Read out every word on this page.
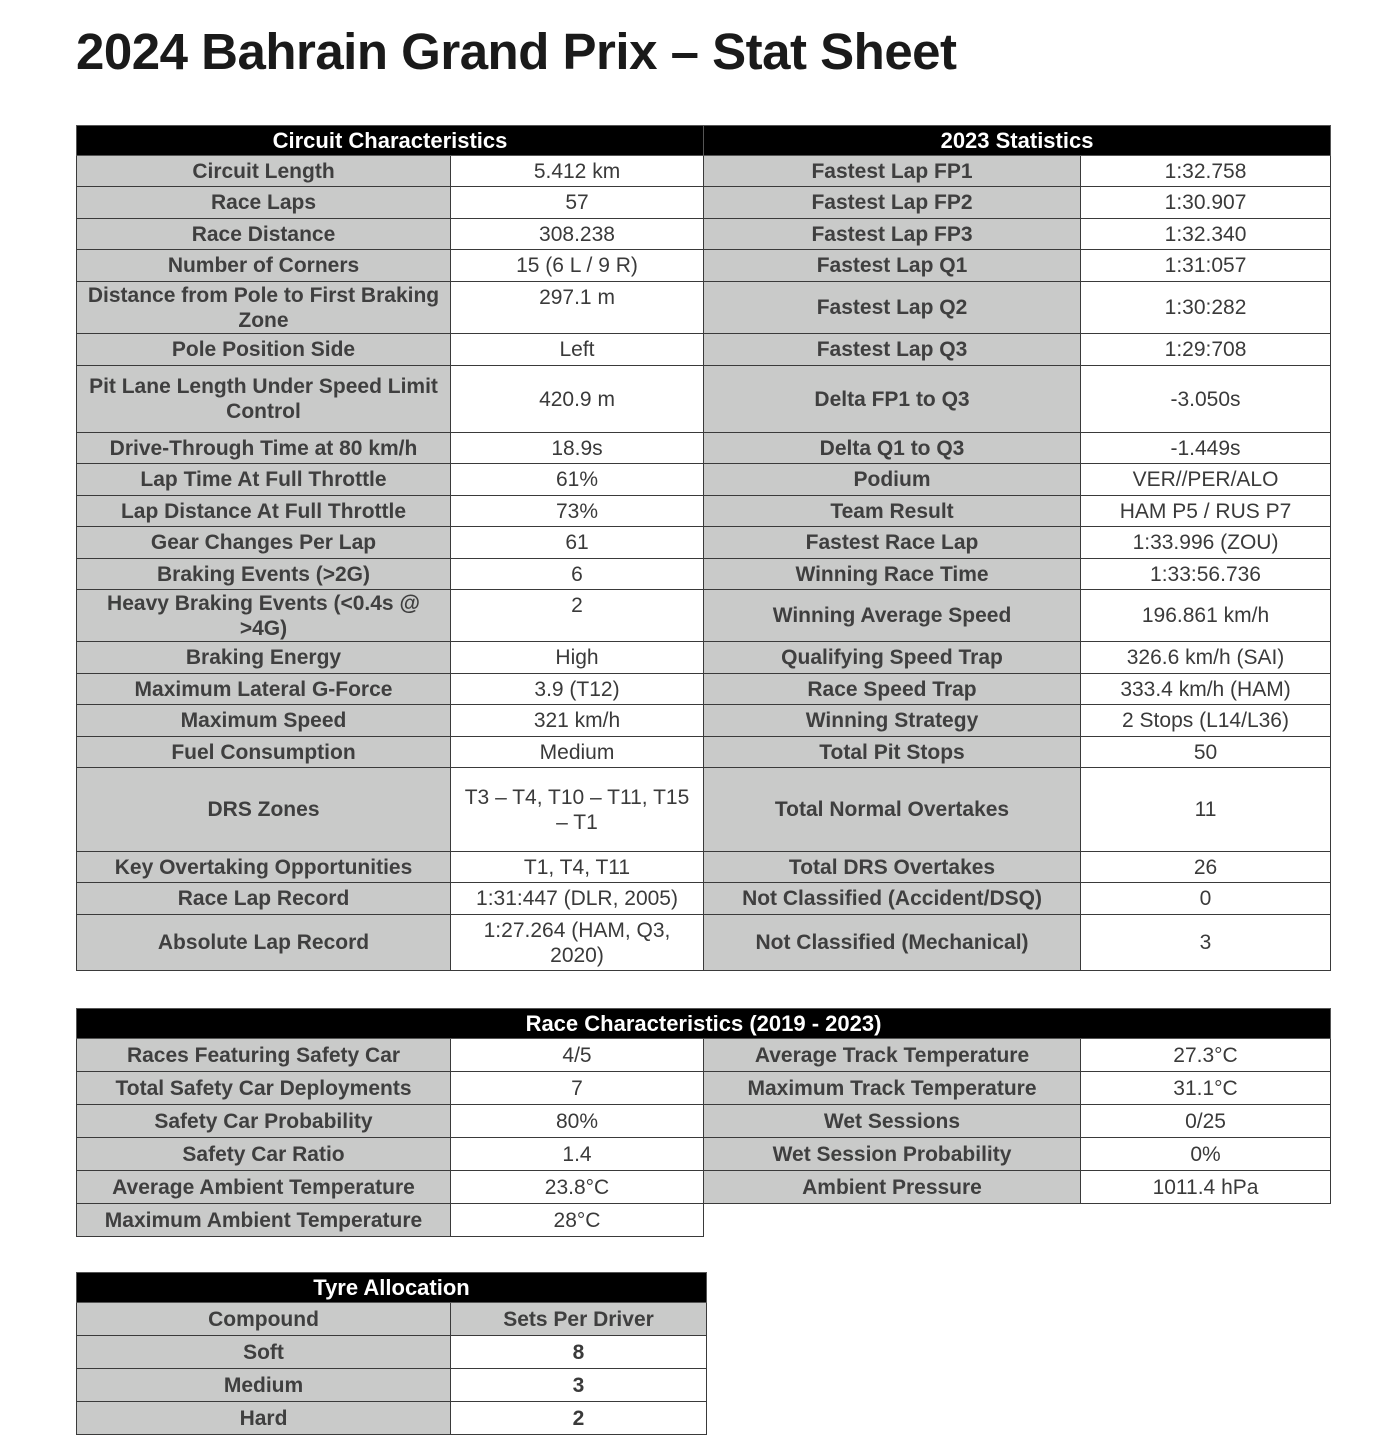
2024 Bahrain Grand Prix – Stat Sheet
Circuit Characteristics		2023 Statistics	
Circuit Length	5.412 km	Fastest Lap FP1	1:32.758
Race Laps	57	Fastest Lap FP2	1:30.907
Race Distance	308.238	Fastest Lap FP3	1:32.340
Number of Corners	15 (6 L / 9 R)	Fastest Lap Q1	1:31:057
Distance from Pole to First Braking Zone	297.1 m	Fastest Lap Q2	1:30:282
Pole Position Side	Left	Fastest Lap Q3	1:29:708
Pit Lane Length Under Speed Limit Control	420.9 m	Delta FP1 to Q3	-3.050s
Drive-Through Time at 80 km/h	18.9s	Delta Q1 to Q3	-1.449s
Lap Time At Full Throttle	61%	Podium	VER//PER/ALO
Lap Distance At Full Throttle	73%	Team Result	HAM P5 / RUS P7
Gear Changes Per Lap	61	Fastest Race Lap	1:33.996 (ZOU)
Braking Events (>2G)	6	Winning Race Time	1:33:56.736
Heavy Braking Events (<0.4s @ >4G)	2	Winning Average Speed	196.861 km/h
Braking Energy	High	Qualifying Speed Trap	326.6 km/h (SAI)
Maximum Lateral G-Force	3.9 (T12)	Race Speed Trap	333.4 km/h (HAM)
Maximum Speed	321 km/h	Winning Strategy	2 Stops (L14/L36)
Fuel Consumption	Medium	Total Pit Stops	50
DRS Zones	T3 – T4, T10 – T11, T15 – T1	Total Normal Overtakes	11
Key Overtaking Opportunities	T1, T4, T11	Total DRS Overtakes	26
Race Lap Record	1:31:447 (DLR, 2005)	Not Classified (Accident/DSQ)	0
Absolute Lap Record	1:27.264 (HAM, Q3, 2020)	Not Classified (Mechanical)	3
Race Characteristics (2019 - 2023)			
Races Featuring Safety Car	4/5	Average Track Temperature	27.3°C
Total Safety Car Deployments	7	Maximum Track Temperature	31.1°C
Safety Car Probability	80%	Wet Sessions	0/25
Safety Car Ratio	1.4	Wet Session Probability	0%
Average Ambient Temperature	23.8°C	Ambient Pressure	1011.4 hPa
Maximum Ambient Temperature	28°C		
Tyre Allocation	
Compound	Sets Per Driver
Soft	8
Medium	3
Hard	2
